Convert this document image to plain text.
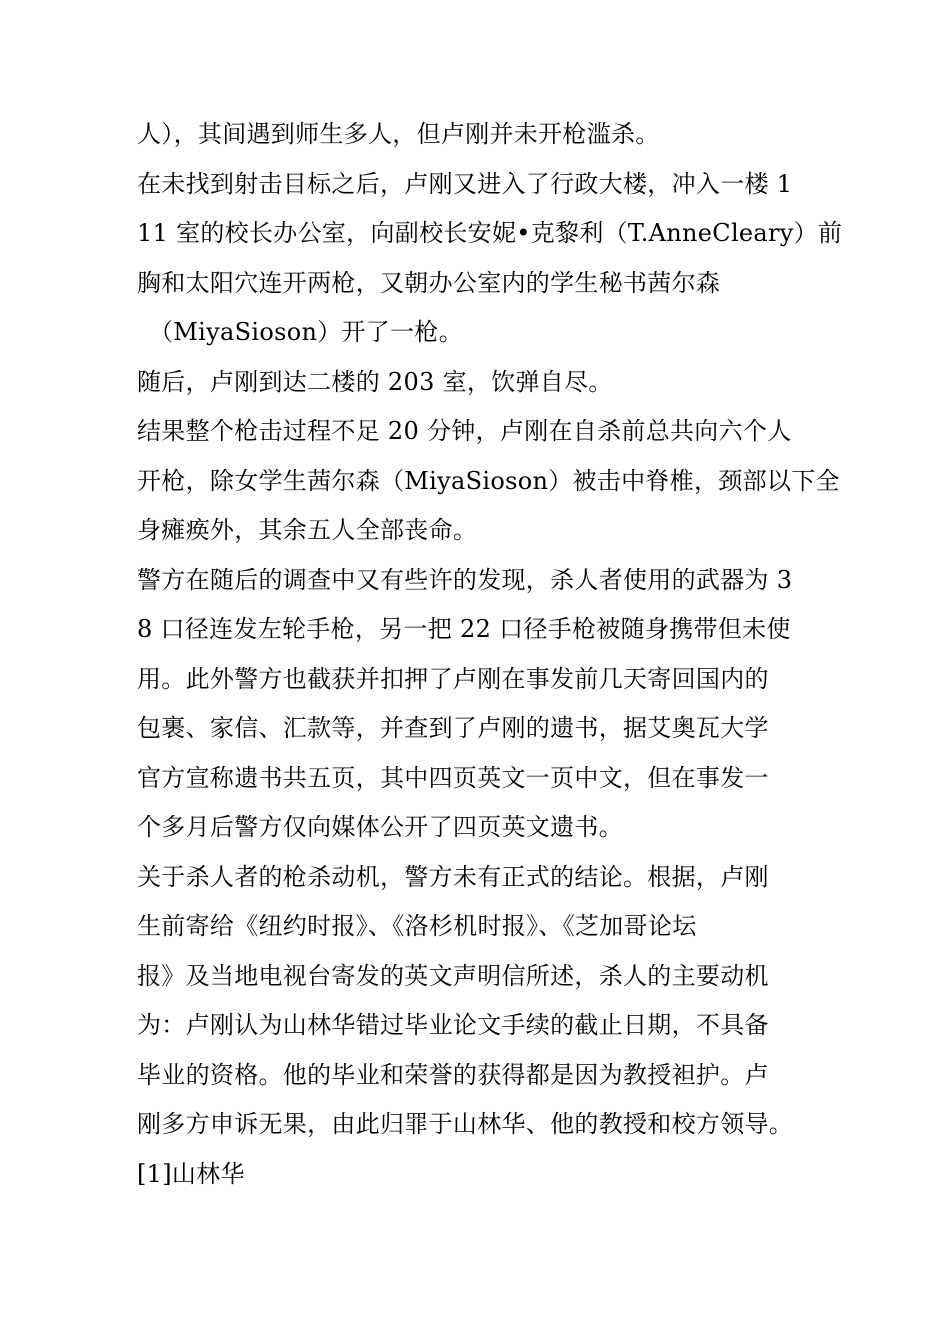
人），其间遇到师生多人，但卢刚并未开枪滥杀。
在未找到射击目标之后，卢刚又进入了行政大楼，冲入一楼 1
11 室的校长办公室，向副校长安妮•克黎利（T.AnneCleary）前
胸和太阳穴连开两枪，又朝办公室内的学生秘书茜尔森
（MiyaSioson）开了一枪。
随后，卢刚到达二楼的 203 室，饮弹自尽。
结果整个枪击过程不足 20 分钟，卢刚在自杀前总共向六个人
开枪，除女学生茜尔森（MiyaSioson）被击中脊椎，颈部以下全
身瘫痪外，其余五人全部丧命。
警方在随后的调查中又有些许的发现，杀人者使用的武器为 3
8 口径连发左轮手枪，另一把 22 口径手枪被随身携带但未使
用。此外警方也截获并扣押了卢刚在事发前几天寄回国内的
包裹、家信、汇款等，并查到了卢刚的遗书，据艾奥瓦大学
官方宣称遗书共五页，其中四页英文一页中文，但在事发一
个多月后警方仅向媒体公开了四页英文遗书。
关于杀人者的枪杀动机，警方未有正式的结论。根据，卢刚
生前寄给《纽约时报》、《洛杉机时报》、《芝加哥论坛
报》及当地电视台寄发的英文声明信所述，杀人的主要动机
为：卢刚认为山林华错过毕业论文手续的截止日期，不具备
毕业的资格。他的毕业和荣誉的获得都是因为教授袒护。卢
刚多方申诉无果，由此归罪于山林华、他的教授和校方领导。
[1]山林华
